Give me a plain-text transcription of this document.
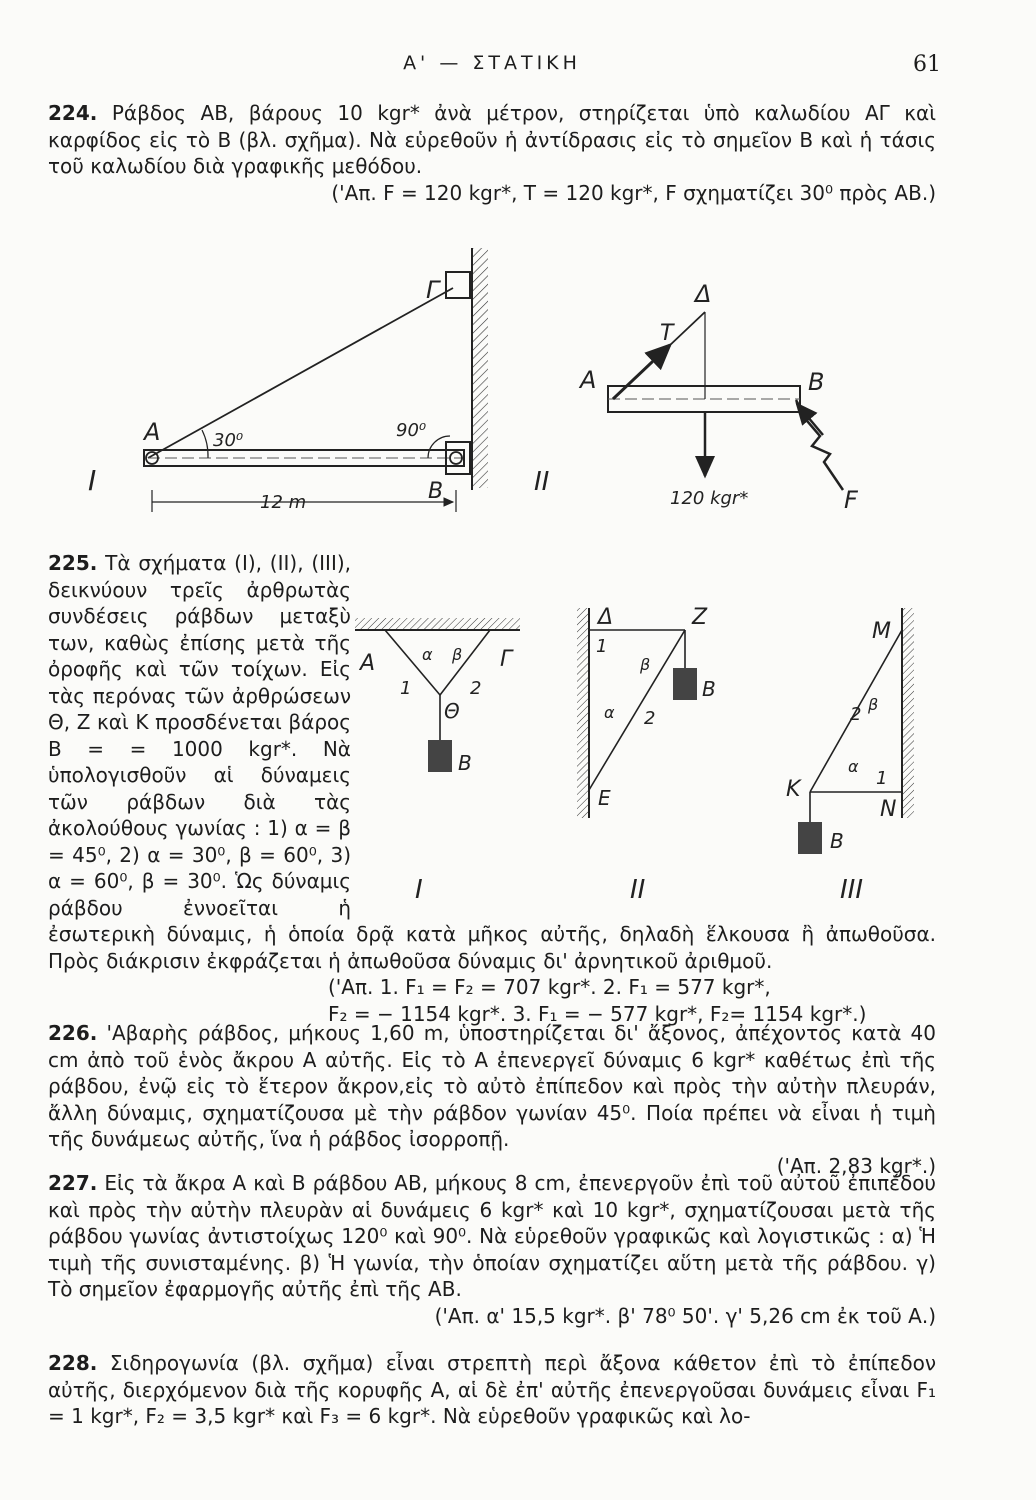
Α' — ΣΤΑΤΙΚΗ	61
224. Ράβδος ΑΒ, βάρους 10 kgr* ἀνὰ μέτρον, στηρίζεται ὑπὸ καλωδίου ΑΓ καὶ καρφίδος εἰς τὸ Β (βλ. σχῆμα). Νὰ εὑρεθοῦν ἡ ἀντίδρασις εἰς τὸ σημεῖον Β καὶ ἡ τάσις τοῦ καλωδίου διὰ γραφικῆς μεθόδου.
('Απ. F = 120 kgr*, T = 120 kgr*, F σχηματίζει 30⁰ πρὸς ΑΒ.)
Γ
A
B
30⁰	90⁰
12 m
I
Δ
T
A	B
II
120 kgr*	F
225. Τὰ σχήματα (Ι), (ΙΙ), (ΙΙΙ), δεικνύουν τρεῖς ἀρθρωτὰς συνδέσεις ράβδων μεταξὺ των, καθὼς ἐπίσης μετὰ τῆς ὀροφῆς καὶ τῶν τοίχων. Εἰς τὰς περόνας τῶν ἀρθρώσεων Θ, Ζ καὶ Κ προσδένεται βάρος Β = = 1000 kgr*. Νὰ ὑπολογισθοῦν αἱ δύναμεις τῶν ράβδων διὰ τὰς ἀκολούθους γωνίας : 1) α = β = 45⁰, 2) α = 30⁰, β = 60⁰, 3) α = 60⁰, β = 30⁰. Ὡς δύναμις ράβδου ἐννοεῖται ἡ ἐσωτερικὴ δύναμις, ἡ ὁποία δρᾷ κατὰ μῆκος αὐτῆς, δηλαδὴ ἕλκουσα ἢ ἀπωθοῦσα. Πρὸς διάκρισιν ἐκφράζεται ἡ ἀπωθοῦσα δύναμις δι' ἀρνητικοῦ ἀριθμοῦ.
('Απ. 1. F₁ = F₂ = 707 kgr*. 2. F₁ = 577 kgr*,
F₂ = − 1154 kgr*. 3. F₁ = − 577 kgr*, F₂= 1154 kgr*.)
A	Γ
α β
1	2
Θ
B
I
Δ	Z
1
β
α 2
B
E
II
M
2 β
α
1
K
N
B
III
226. 'Αβαρὴς ράβδος, μήκους 1,60 m, ὑποστηρίζεται δι' ἄξονος, ἀπέχοντος κατὰ 40 cm ἀπὸ τοῦ ἑνὸς ἄκρου Α αὐτῆς. Εἰς τὸ Α ἐπενεργεῖ δύναμις 6 kgr* καθέτως ἐπὶ τῆς ράβδου, ἐνῷ εἰς τὸ ἕτερον ἄκρον,εἰς τὸ αὐτὸ ἐπίπεδον καὶ πρὸς τὴν αὐτὴν πλευράν, ἄλλη δύναμις, σχηματίζουσα μὲ τὴν ράβδον γωνίαν 45⁰. Ποία πρέπει νὰ εἶναι ἡ τιμὴ τῆς δυνάμεως αὐτῆς, ἵνα ἡ ράβδος ἰσορροπῇ.
('Απ. 2,83 kgr*.)
227. Εἰς τὰ ἄκρα Α καὶ Β ράβδου ΑΒ, μήκους 8 cm, ἐπενεργοῦν ἐπὶ τοῦ αὐτοῦ ἐπιπέδου καὶ πρὸς τὴν αὐτὴν πλευρὰν αἱ δυνάμεις 6 kgr* καὶ 10 kgr*, σχηματίζουσαι μετὰ τῆς ράβδου γωνίας ἀντιστοίχως 120⁰ καὶ 90⁰. Νὰ εὑρεθοῦν γραφικῶς καὶ λογιστικῶς : α) Ἡ τιμὴ τῆς συνισταμένης. β) Ἡ γωνία, τὴν ὁποίαν σχηματίζει αὕτη μετὰ τῆς ράβδου. γ) Τὸ σημεῖον ἐφαρμογῆς αὐτῆς ἐπὶ τῆς ΑΒ.
('Απ. α' 15,5 kgr*. β' 78⁰ 50'. γ' 5,26 cm ἐκ τοῦ Α.)
228. Σιδηρογωνία (βλ. σχῆμα) εἶναι στρεπτὴ περὶ ἄξονα κάθετον ἐπὶ τὸ ἐπίπεδον αὐτῆς, διερχόμενον διὰ τῆς κορυφῆς Α, αἱ δὲ ἐπ' αὐτῆς ἐπενεργοῦσαι δυνάμεις εἶναι F₁ = 1 kgr*, F₂ = 3,5 kgr* καὶ F₃ = 6 kgr*. Νὰ εὑρεθοῦν γραφικῶς καὶ λο-
